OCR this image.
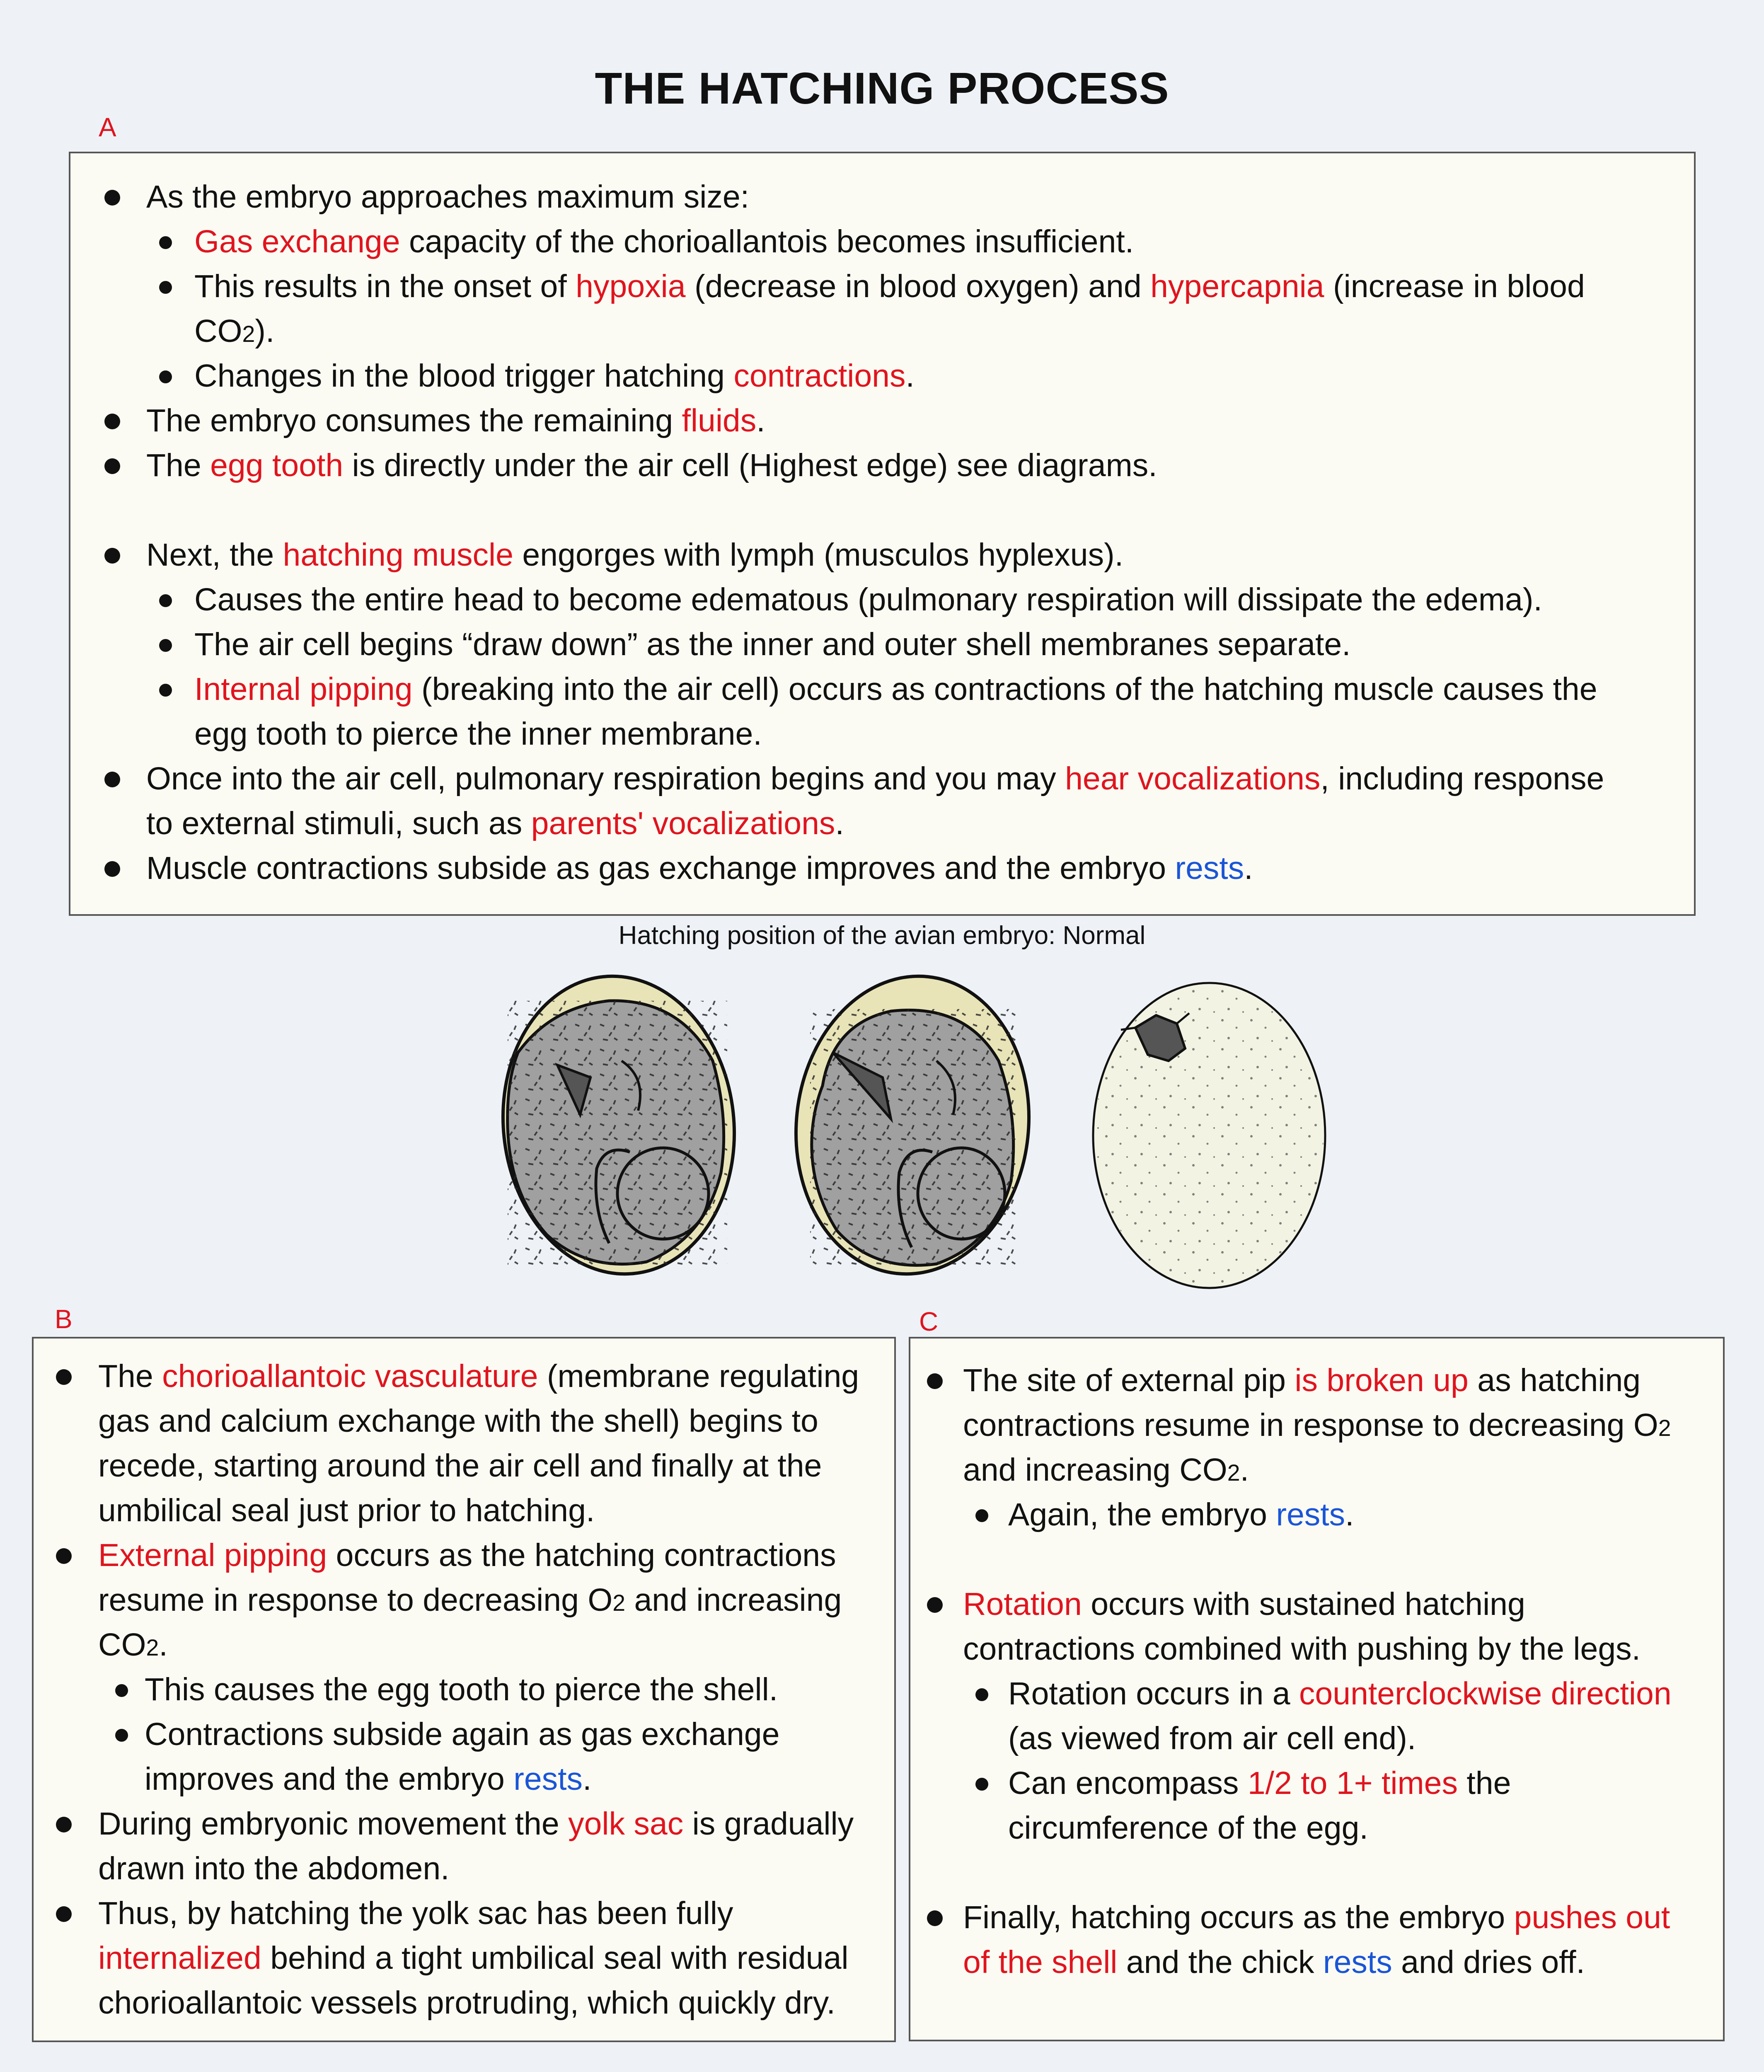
THE HATCHING PROCESS
A
As the embryo approaches maximum size:
Gas exchange capacity of the chorioallantois becomes insufficient.
This results in the onset of hypoxia (decrease in blood oxygen) and hypercapnia (increase in blood
CO2).
Changes in the blood trigger hatching contractions.
The embryo consumes the remaining fluids.
The egg tooth is directly under the air cell (Highest edge) see diagrams.
Next, the hatching muscle engorges with lymph (musculos hyplexus).
Causes the entire head to become edematous (pulmonary respiration will dissipate the edema).
The air cell begins “draw down” as the inner and outer shell membranes separate.
Internal pipping (breaking into the air cell) occurs as contractions of the hatching muscle causes the
egg tooth to pierce the inner membrane.
Once into the air cell, pulmonary respiration begins and you may hear vocalizations, including response
to external stimuli, such as parents' vocalizations.
Muscle contractions subside as gas exchange improves and the embryo rests.
Hatching position of the avian embryo: Normal
B
The chorioallantoic vasculature (membrane regulating
gas and calcium exchange with the shell) begins to
recede, starting around the air cell and finally at the
umbilical seal just prior to hatching.
External pipping occurs as the hatching contractions
resume in response to decreasing O2 and increasing
CO2.
This causes the egg tooth to pierce the shell.
Contractions subside again as gas exchange
improves and the embryo rests.
During embryonic movement the yolk sac is gradually
drawn into the abdomen.
Thus, by hatching the yolk sac has been fully
internalized behind a tight umbilical seal with residual
chorioallantoic vessels protruding, which quickly dry.
C
The site of external pip is broken up as hatching
contractions resume in response to decreasing O2
and increasing CO2.
Again, the embryo rests.
Rotation occurs with sustained hatching
contractions combined with pushing by the legs.
Rotation occurs in a counterclockwise direction
(as viewed from air cell end).
Can encompass 1/2 to 1+ times the
circumference of the egg.
Finally, hatching occurs as the embryo pushes out
of the shell and the chick rests and dries off.
